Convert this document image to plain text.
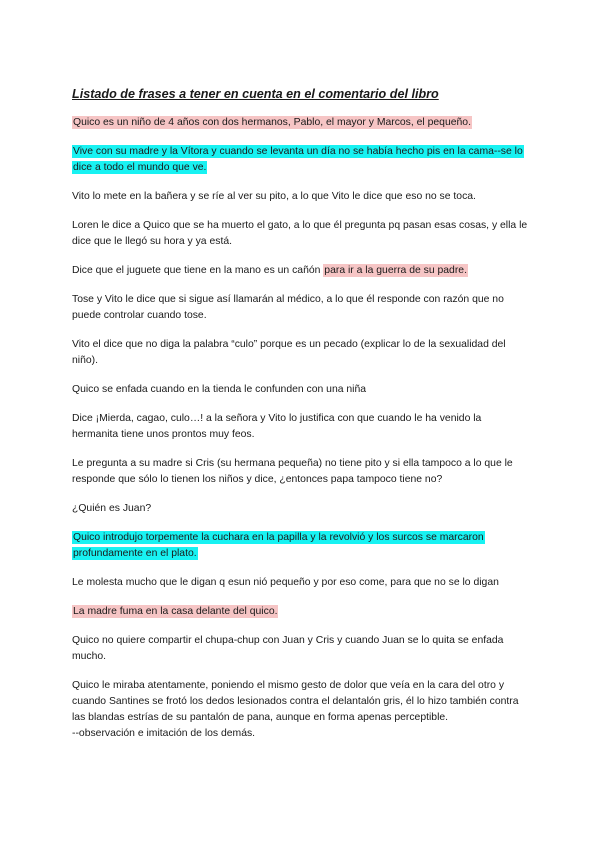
Listado de frases a tener en cuenta en el comentario del libro
Quico es un niño de 4 años con dos hermanos, Pablo, el mayor y Marcos, el pequeño.
Vive con su madre y la Vítora y cuando se levanta un día no se había hecho pis en la cama--se lo dice a todo el mundo que ve.
Vito lo mete en la bañera y se ríe al ver su pito, a lo que Vito le dice que eso no se toca.
Loren le dice a Quico que se ha muerto el gato, a lo que él pregunta pq pasan esas cosas, y ella le dice que le llegó su hora y ya está.
Dice que el juguete que tiene en la mano es un cañón para ir a la guerra de su padre.
Tose y Vito le dice que si sigue así llamarán al médico, a lo que él responde con razón que no puede controlar cuando tose.
Vito el dice que no diga la palabra “culo” porque es un pecado (explicar lo de la sexualidad del niño).
Quico se enfada cuando en la tienda le confunden con una niña
Dice ¡Mierda, cagao, culo…! a la señora y Vito lo justifica con que cuando le ha venido la hermanita tiene unos prontos muy feos.
Le pregunta a su madre si Cris (su hermana pequeña) no tiene pito y si ella tampoco a lo que le responde que sólo lo tienen los niños y dice, ¿entonces papa tampoco tiene no?
¿Quién es Juan?
Quico introdujo torpemente la cuchara en la papilla y la revolvió y los surcos se marcaron profundamente en el plato.
Le molesta mucho que le digan q esun nió pequeño y por eso come, para que no se lo digan
La madre fuma en la casa delante del quico.
Quico no quiere compartir el chupa-chup con Juan y Cris y cuando Juan se lo quita se enfada mucho.
Quico le miraba atentamente, poniendo el mismo gesto de dolor que veía en la cara del otro y cuando Santines se frotó los dedos lesionados contra el delantalón gris, él lo hizo también contra las blandas estrías de su pantalón de pana, aunque en forma apenas perceptible.
--observación e imitación de los demás.
